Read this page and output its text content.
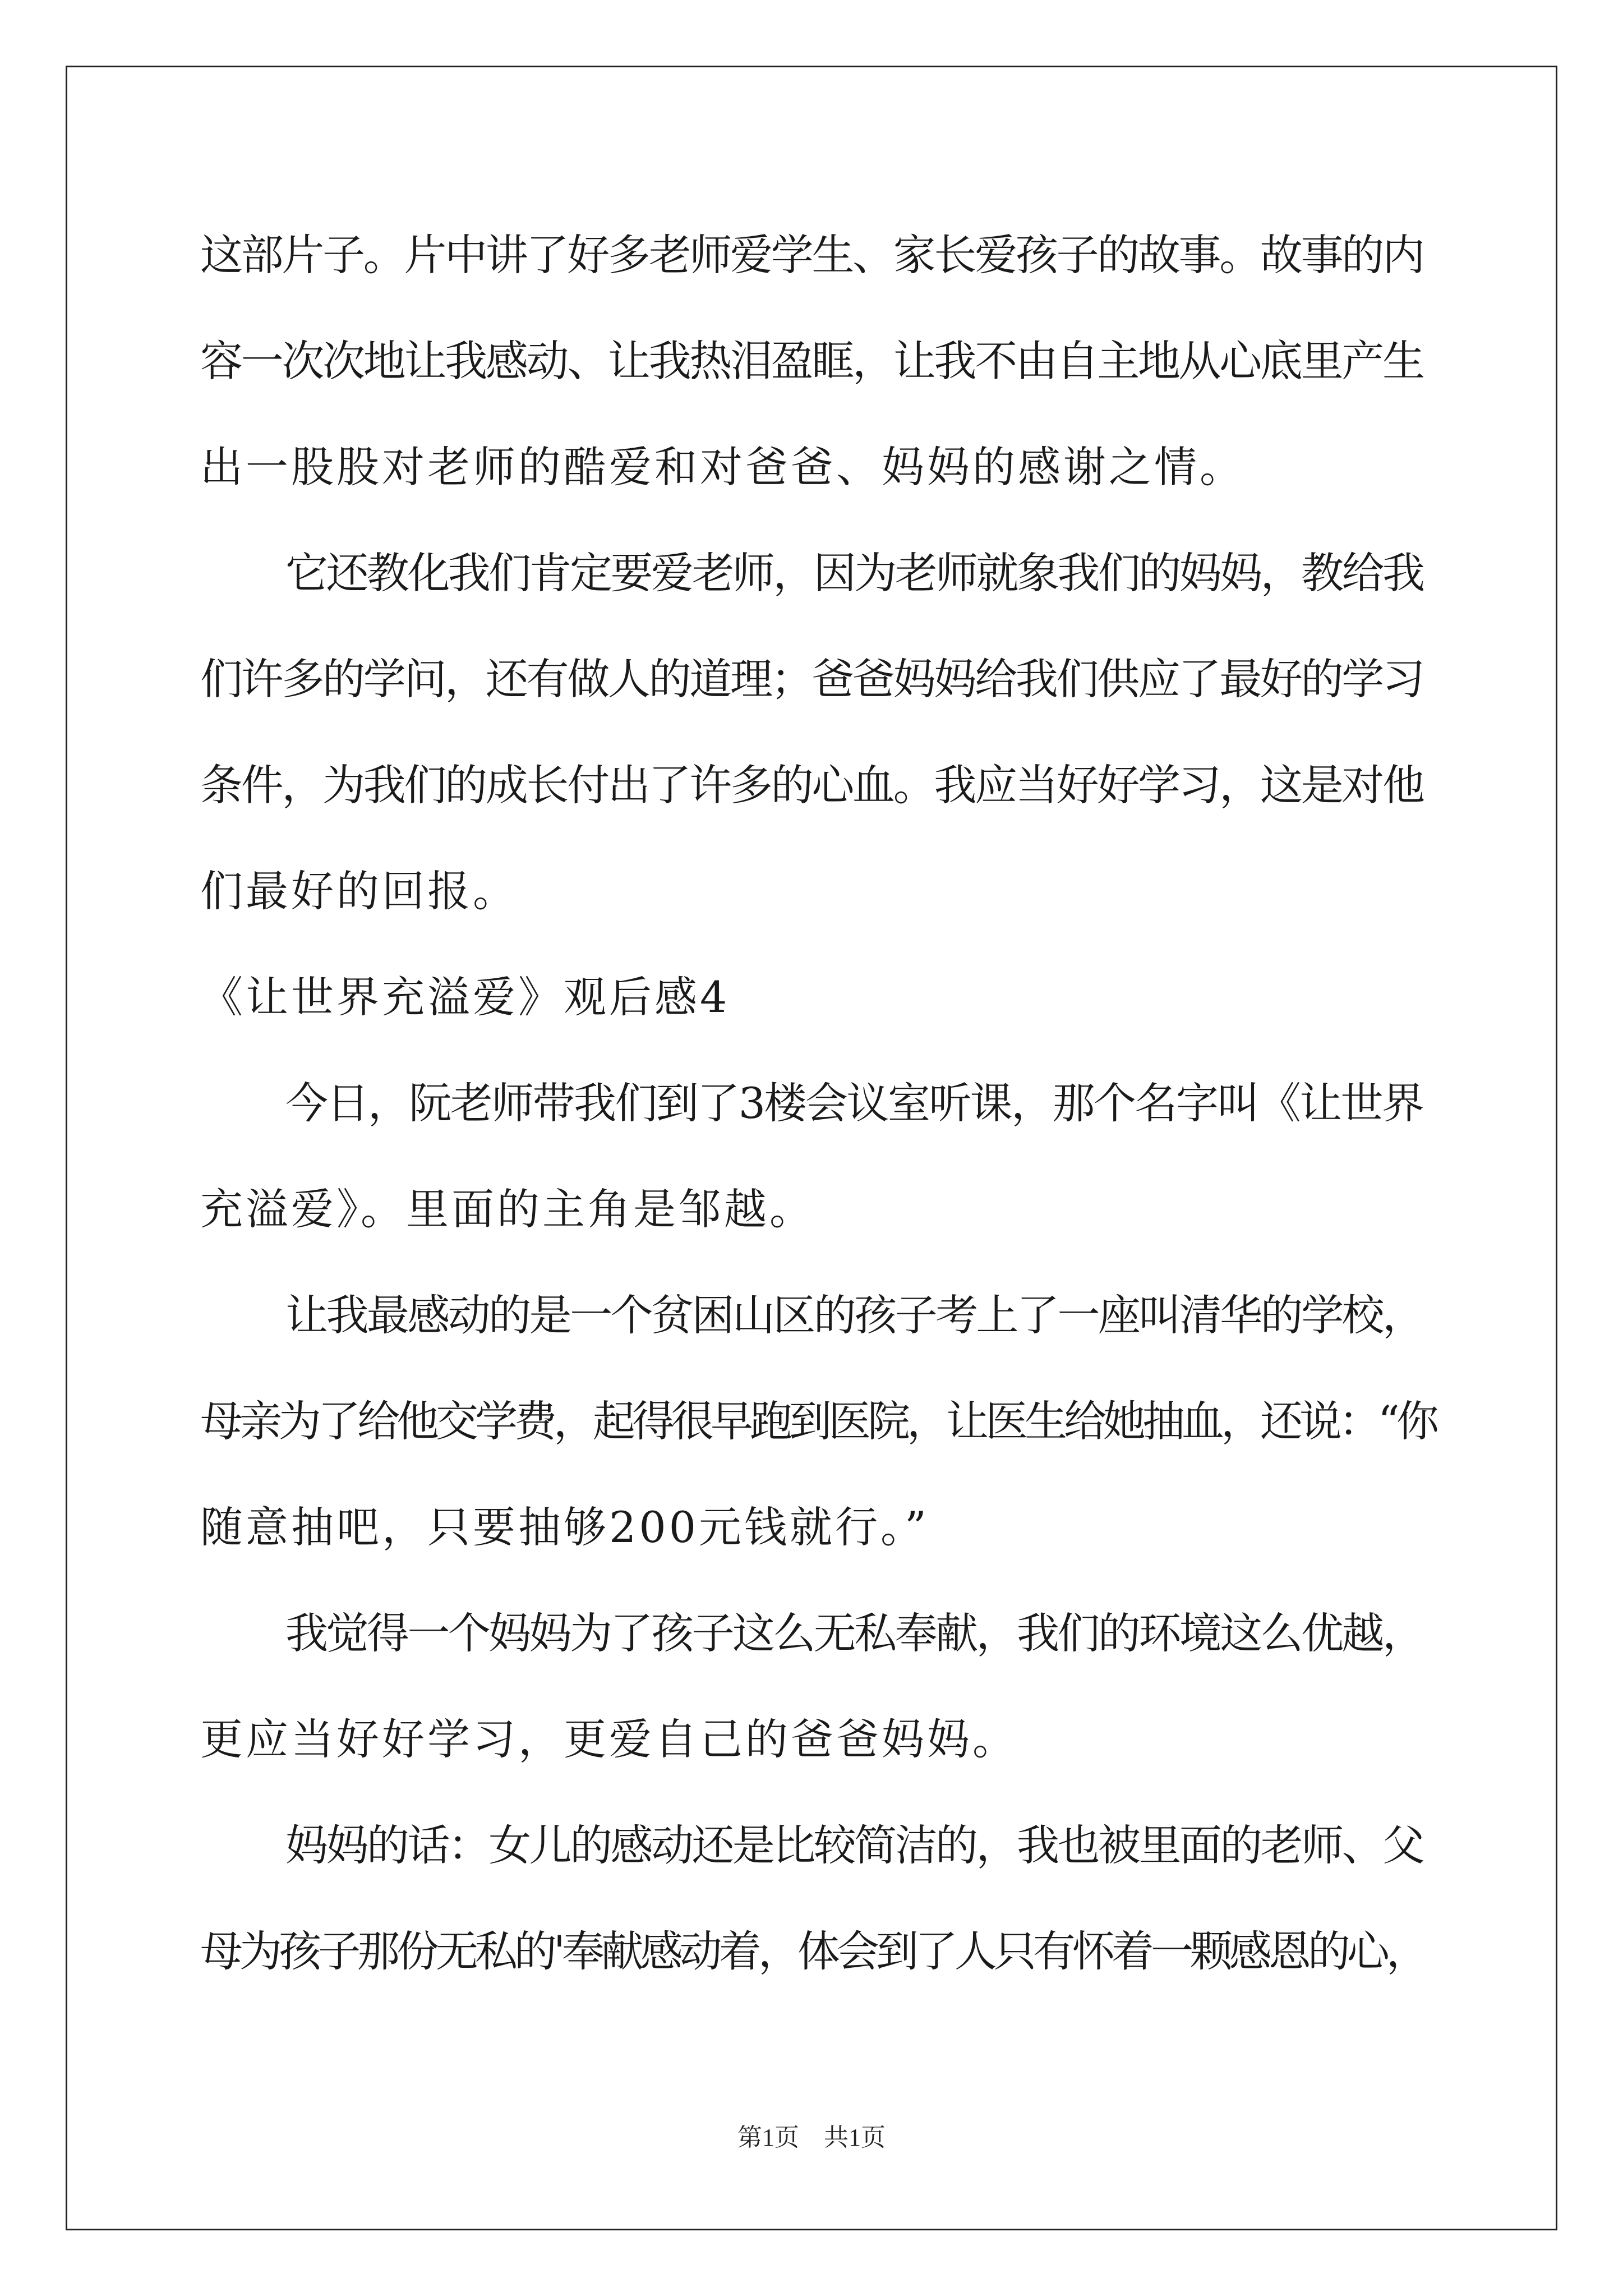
这部片子。片中讲了好多老师爱学生、家长爱孩子的故事。故事的内
容一次次地让我感动、让我热泪盈眶，让我不由自主地从心底里产生
出一股股对老师的酷爱和对爸爸、妈妈的感谢之情。
它还教化我们肯定要爱老师，因为老师就象我们的妈妈，教给我
们许多的学问，还有做人的道理；爸爸妈妈给我们供应了最好的学习
条件，为我们的成长付出了许多的心血。我应当好好学习，这是对他
们最好的回报。
《让世界充溢爱》观后感4
今日，阮老师带我们到了3楼会议室听课，那个名字叫《让世界
充溢爱》。里面的主角是邹越。
让我最感动的是一个贫困山区的孩子考上了一座叫清华的学校，
母亲为了给他交学费，起得很早跑到医院，让医生给她抽血，还说：“你
随意抽吧，只要抽够200元钱就行。”
我觉得一个妈妈为了孩子这么无私奉献，我们的环境这么优越，
更应当好好学习，更爱自己的爸爸妈妈。
妈妈的话：女儿的感动还是比较简洁的，我也被里面的老师、父
母为孩子那份无私的'奉献感动着，体会到了人只有怀着一颗感恩的心，
第1页　共1页
